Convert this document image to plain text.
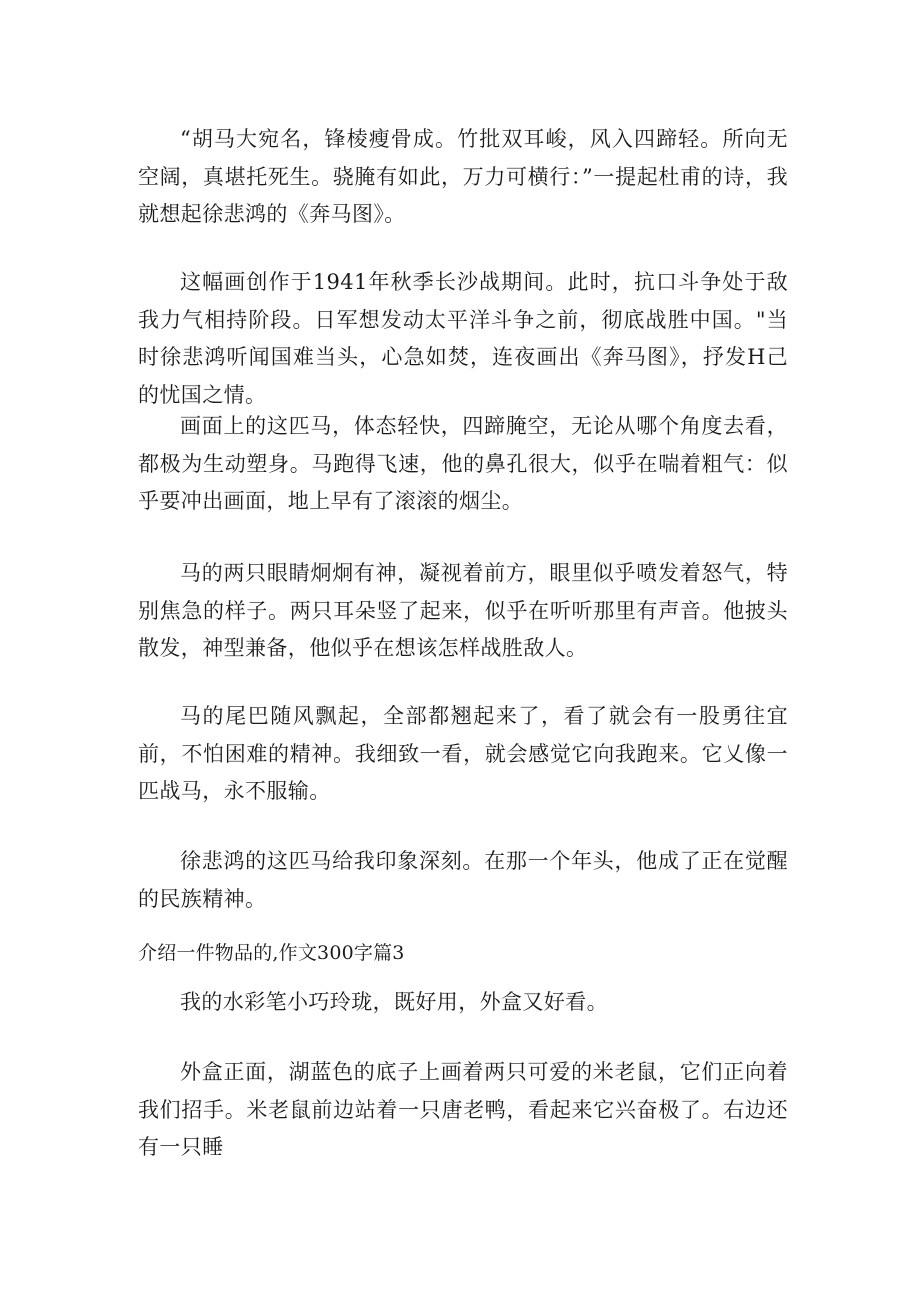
“胡马大宛名，锋棱瘦骨成。竹批双耳峻，风入四蹄轻。所向无空阔，真堪托死生。骁腌有如此，万力可横行：”一提起杜甫的诗，我就想起徐悲鸿的《奔马图》。

这幅画创作于1941年秋季长沙战期间。此时，抗口斗争处于敌我力气相持阶段。日军想发动太平洋斗争之前，彻底战胜中国。"当时徐悲鸿听闻国难当头，心急如焚，连夜画出《奔马图》，抒发H己的忧国之情。

画面上的这匹马，体态轻快，四蹄腌空，无论从哪个角度去看，都极为生动塑身。马跑得飞速，他的鼻孔很大，似乎在喘着粗气：似乎要冲出画面，地上早有了滚滚的烟尘。

马的两只眼睛炯炯有神，凝视着前方，眼里似乎喷发着怒气，特别焦急的样子。两只耳朵竖了起来，似乎在听听那里有声音。他披头散发，神型兼备，他似乎在想该怎样战胜敌人。

马的尾巴随风飘起，全部都翘起来了，看了就会有一股勇往宜前，不怕困难的精神。我细致一看，就会感觉它向我跑来。它乂像一匹战马，永不服输。

徐悲鸿的这匹马给我印象深刻。在那一个年头，他成了正在觉醒的民族精神。

介绍一件物品的,作文300字篇3

我的水彩笔小巧玲珑，既好用，外盒又好看。

外盒正面，湖蓝色的底子上画着两只可爱的米老鼠，它们正向着我们招手。米老鼠前边站着一只唐老鸭，看起来它兴奋极了。右边还有一只睡
